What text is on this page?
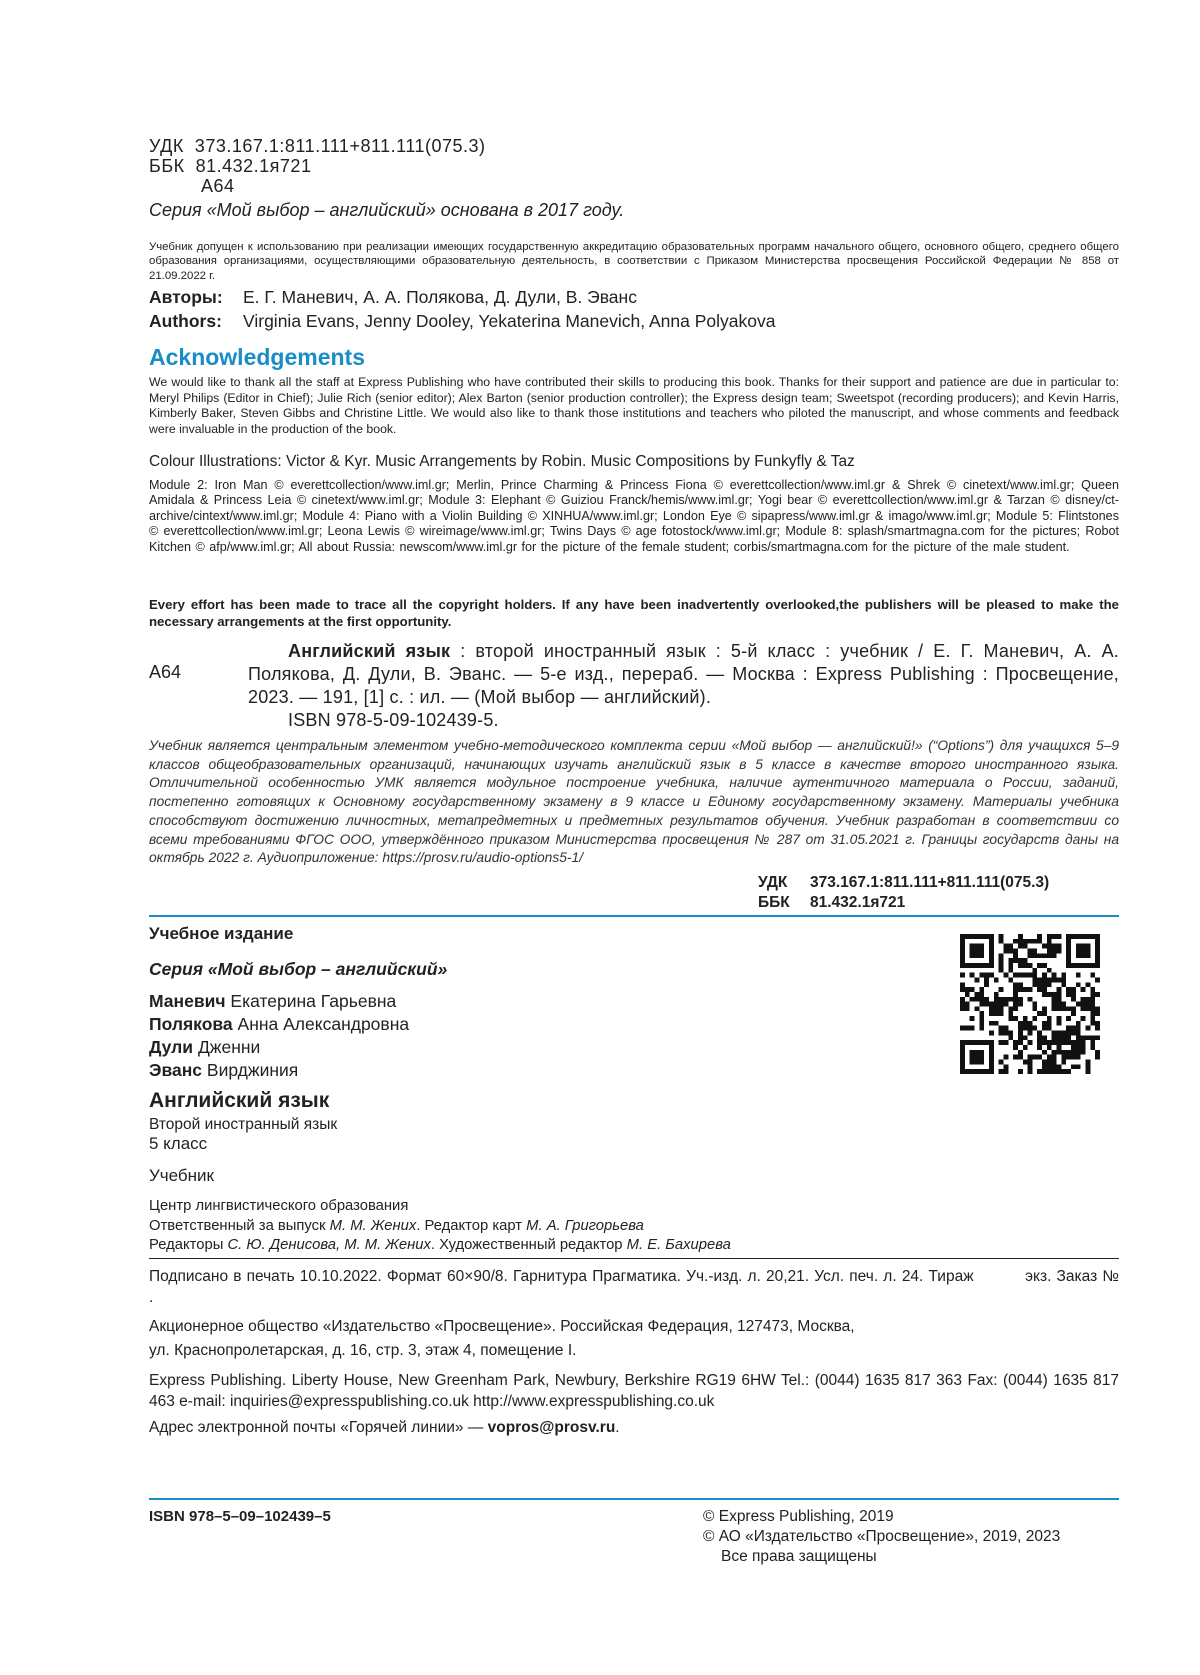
УДК  373.167.1:811.111+811.111(075.3)
ББК  81.432.1я721
А64
Серия «Мой выбор – английский» основана в 2017 году.
Учебник допущен к использованию при реализации имеющих государственную аккредитацию образовательных программ начального общего, основного общего, среднего общего образования организациями, осуществляющими образовательную деятельность, в соответствии с Приказом Министерства просвещения Российской Федерации № 858 от 21.09.2022 г.
Авторы: Е. Г. Маневич, А. А. Полякова, Д. Дули, В. Эванс
Authors: Virginia Evans, Jenny Dooley, Yekaterina Manevich, Anna Polyakova
Acknowledgements
We would like to thank all the staff at Express Publishing who have contributed their skills to producing this book. Thanks for their support and patience are due in particular to: Meryl Philips (Editor in Chief); Julie Rich (senior editor); Alex Barton (senior production controller); the Express design team; Sweetspot (recording producers); and Kevin Harris, Kimberly Baker, Steven Gibbs and Christine Little. We would also like to thank those institutions and teachers who piloted the manuscript, and whose comments and feedback were invaluable in the production of the book.
Colour Illustrations: Victor & Kyr. Music Arrangements by Robin. Music Compositions by Funkyfly & Taz
Module 2: Iron Man © everettcollection/www.iml.gr; Merlin, Prince Charming & Princess Fiona © everettcollection/www.iml.gr & Shrek © cinetext/www.iml.gr; Queen Amidala & Princess Leia © cinetext/www.iml.gr; Module 3: Elephant © Guiziou Franck/hemis/www.iml.gr; Yogi bear © everettcollection/www.iml.gr & Tarzan © disney/ct-archive/cintext/www.iml.gr; Module 4: Piano with a Violin Building © XINHUA/www.iml.gr; London Eye © sipapress/www.iml.gr & imago/www.iml.gr; Module 5: Flintstones © everettcollection/www.iml.gr; Leona Lewis © wireimage/www.iml.gr; Twins Days © age fotostock/www.iml.gr; Module 8: splash/smartmagna.com for the pictures; Robot Kitchen © afp/www.iml.gr; All about Russia: newscom/www.iml.gr for the picture of the female student; corbis/smartmagna.com for the picture of the male student.
Every effort has been made to trace all the copyright holders. If any have been inadvertently overlooked,the publishers will be pleased to make the necessary arrangements at the first opportunity.
А64
Английский язык : второй иностранный язык : 5-й класс : учебник / Е. Г. Маневич, А. А. Полякова, Д. Дули, В. Эванс. — 5-е изд., перераб. — Москва : Express Publishing : Просвещение, 2023. — 191, [1] с. : ил. — (Мой выбор — английский).
ISBN 978-5-09-102439-5.
Учебник является центральным элементом учебно-методического комплекта серии «Мой выбор — английский!» (“Options”) для учащихся 5–9 классов общеобразовательных организаций, начинающих изучать английский язык в 5 классе в качестве второго иностранного языка. Отличительной особенностью УМК является модульное построение учебника, наличие аутентичного материала о России, заданий, постепенно готовящих к Основному государственному экзамену в 9 классе и Единому государственному экзамену. Материалы учебника способствуют достижению личностных, метапредметных и предметных результатов обучения. Учебник разработан в соответствии со всеми требованиями ФГОС ООО, утверждённого приказом Министерства просвещения № 287 от 31.05.2021 г. Границы государств даны на октябрь 2022 г. Аудиоприложение: https://prosv.ru/audio-options5-1/
УДК 373.167.1:811.111+811.111(075.3)
ББК 81.432.1я721
Учебное издание
Серия «Мой выбор – английский»
Маневич Екатерина Гарьевна
Полякова Анна Александровна
Дули Дженни
Эванс Вирджиния
Английский язык
Второй иностранный язык
5 класс
Учебник
Центр лингвистического образования
Ответственный за выпуск М. М. Жених. Редактор карт М. А. Григорьева
Редакторы С. Ю. Денисова, М. М. Жених. Художественный редактор М. Е. Бахирева
Подписано в печать 10.10.2022. Формат 60×90/8. Гарнитура Прагматика. Уч.-изд. л. 20,21. Усл. печ. л. 24. Тираж          экз. Заказ №          .
Акционерное общество «Издательство «Просвещение». Российская Федерация, 127473, Москва,
ул. Краснопролетарская, д. 16, стр. 3, этаж 4, помещение I.
Express Publishing. Liberty House, New Greenham Park, Newbury, Berkshire RG19 6HW Tel.: (0044) 1635 817 363 Fax: (0044) 1635 817 463 e-mail: inquiries@expresspublishing.co.uk http://www.expresspublishing.co.uk
Адрес электронной почты «Горячей линии» — vopros@prosv.ru.
ISBN 978–5–09–102439–5	© Express Publishing, 2019
© АО «Издательство «Просвещение», 2019, 2023
Все права защищены
